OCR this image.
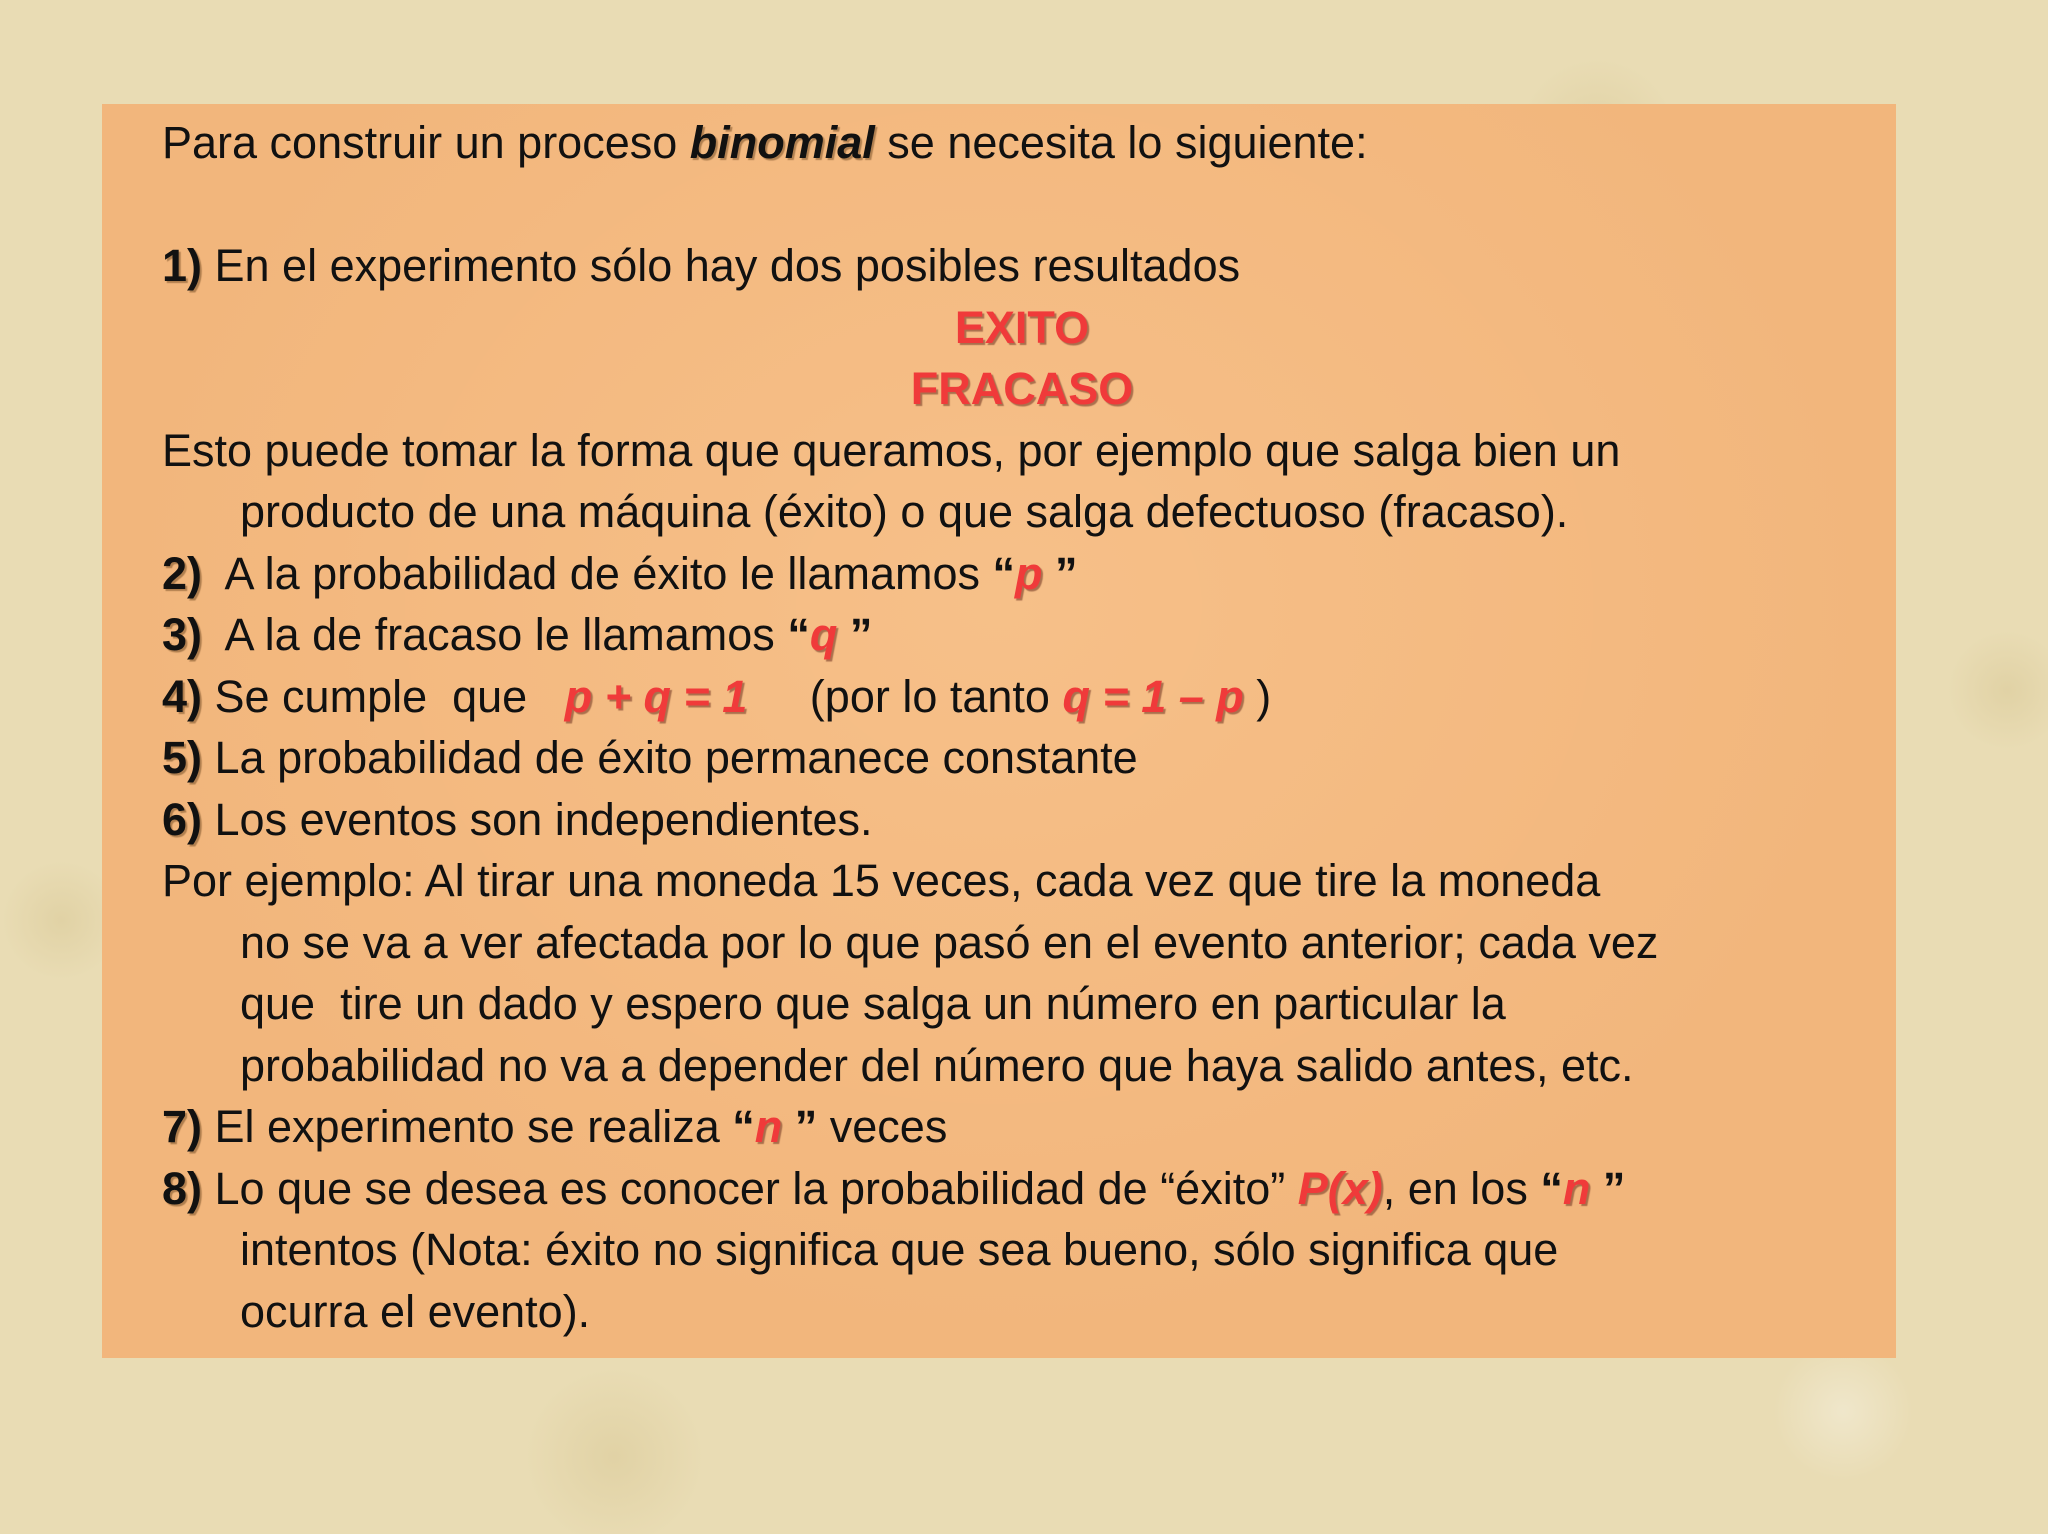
Para construir un proceso binomial se necesita lo siguiente:
1) En el experimento sólo hay dos posibles resultados
EXITO
FRACASO
Esto puede tomar la forma que queramos, por ejemplo que salga bien un
producto de una máquina (éxito) o que salga defectuoso (fracaso).
2)  A la probabilidad de éxito le llamamos “p ”
3)  A la de fracaso le llamamos “q ”
4) Se cumple  que   p + q = 1     (por lo tanto q = 1 – p )
5) La probabilidad de éxito permanece constante
6) Los eventos son independientes.
Por ejemplo: Al tirar una moneda 15 veces, cada vez que tire la moneda
no se va a ver afectada por lo que pasó en el evento anterior; cada vez
que  tire un dado y espero que salga un número en particular la
probabilidad no va a depender del número que haya salido antes, etc.
7) El experimento se realiza “n ” veces
8) Lo que se desea es conocer la probabilidad de “éxito” P(x), en los “n ”
intentos (Nota: éxito no significa que sea bueno, sólo significa que
ocurra el evento).
